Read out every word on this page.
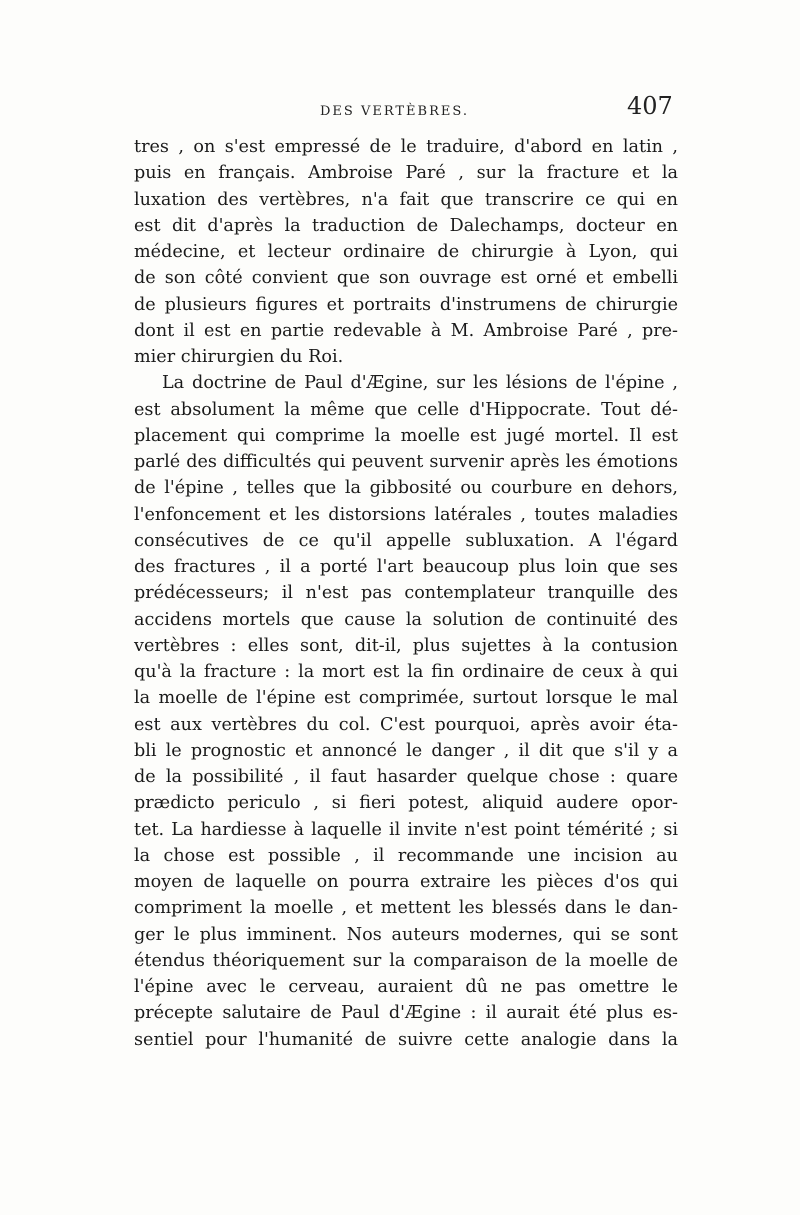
DES VERTÈBRES.	407
tres , on s'est empressé de le traduire, d'abord en latin ,
puis en français. Ambroise Paré , sur la fracture et la
luxation des vertèbres, n'a fait que transcrire ce qui en
est dit d'après la traduction de Dalechamps, docteur en
médecine, et lecteur ordinaire de chirurgie à Lyon, qui
de son côté convient que son ouvrage est orné et embelli
de plusieurs figures et portraits d'instrumens de chirurgie
dont il est en partie redevable à M. Ambroise Paré , pre-
mier chirurgien du Roi.
La doctrine de Paul d'Ægine, sur les lésions de l'épine ,
est absolument la même que celle d'Hippocrate. Tout dé-
placement qui comprime la moelle est jugé mortel. Il est
parlé des difficultés qui peuvent survenir après les émotions
de l'épine , telles que la gibbosité ou courbure en dehors,
l'enfoncement et les distorsions latérales , toutes maladies
consécutives de ce qu'il appelle subluxation. A l'égard
des fractures , il a porté l'art beaucoup plus loin que ses
prédécesseurs; il n'est pas contemplateur tranquille des
accidens mortels que cause la solution de continuité des
vertèbres : elles sont, dit-il, plus sujettes à la contusion
qu'à la fracture : la mort est la fin ordinaire de ceux à qui
la moelle de l'épine est comprimée, surtout lorsque le mal
est aux vertèbres du col. C'est pourquoi, après avoir éta-
bli le prognostic et annoncé le danger , il dit que s'il y a
de la possibilité , il faut hasarder quelque chose : quare
prædicto periculo , si fieri potest, aliquid audere opor-
tet. La hardiesse à laquelle il invite n'est point témérité ; si
la chose est possible , il recommande une incision au
moyen de laquelle on pourra extraire les pièces d'os qui
compriment la moelle , et mettent les blessés dans le dan-
ger le plus imminent. Nos auteurs modernes, qui se sont
étendus théoriquement sur la comparaison de la moelle de
l'épine avec le cerveau, auraient dû ne pas omettre le
précepte salutaire de Paul d'Ægine : il aurait été plus es-
sentiel pour l'humanité de suivre cette analogie dans la
